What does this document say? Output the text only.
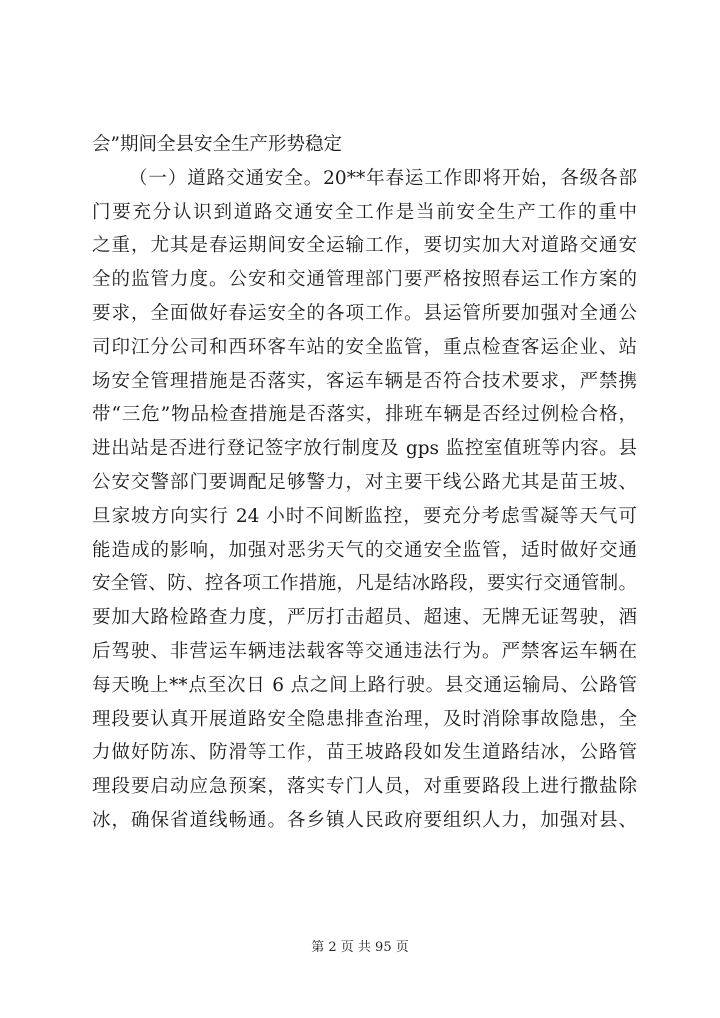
会”期间全县安全生产形势稳定
（一）道路交通安全。20**年春运工作即将开始，各级各部
门要充分认识到道路交通安全工作是当前安全生产工作的重中
之重，尤其是春运期间安全运输工作，要切实加大对道路交通安
全的监管力度。公安和交通管理部门要严格按照春运工作方案的
要求，全面做好春运安全的各项工作。县运管所要加强对全通公
司印江分公司和西环客车站的安全监管，重点检查客运企业、站
场安全管理措施是否落实，客运车辆是否符合技术要求，严禁携
带“三危”物品检查措施是否落实，排班车辆是否经过例检合格，
进出站是否进行登记签字放行制度及 gps 监控室值班等内容。县
公安交警部门要调配足够警力，对主要干线公路尤其是苗王坡、
旦家坡方向实行 24 小时不间断监控，要充分考虑雪凝等天气可
能造成的影响，加强对恶劣天气的交通安全监管，适时做好交通
安全管、防、控各项工作措施，凡是结冰路段，要实行交通管制。
要加大路检路查力度，严厉打击超员、超速、无牌无证驾驶，酒
后驾驶、非营运车辆违法载客等交通违法行为。严禁客运车辆在
每天晚上**点至次日 6 点之间上路行驶。县交通运输局、公路管
理段要认真开展道路安全隐患排查治理，及时消除事故隐患，全
力做好防冻、防滑等工作，苗王坡路段如发生道路结冰，公路管
理段要启动应急预案，落实专门人员，对重要路段上进行撒盐除
冰，确保省道线畅通。各乡镇人民政府要组织人力，加强对县、
第 2 页 共 95 页
